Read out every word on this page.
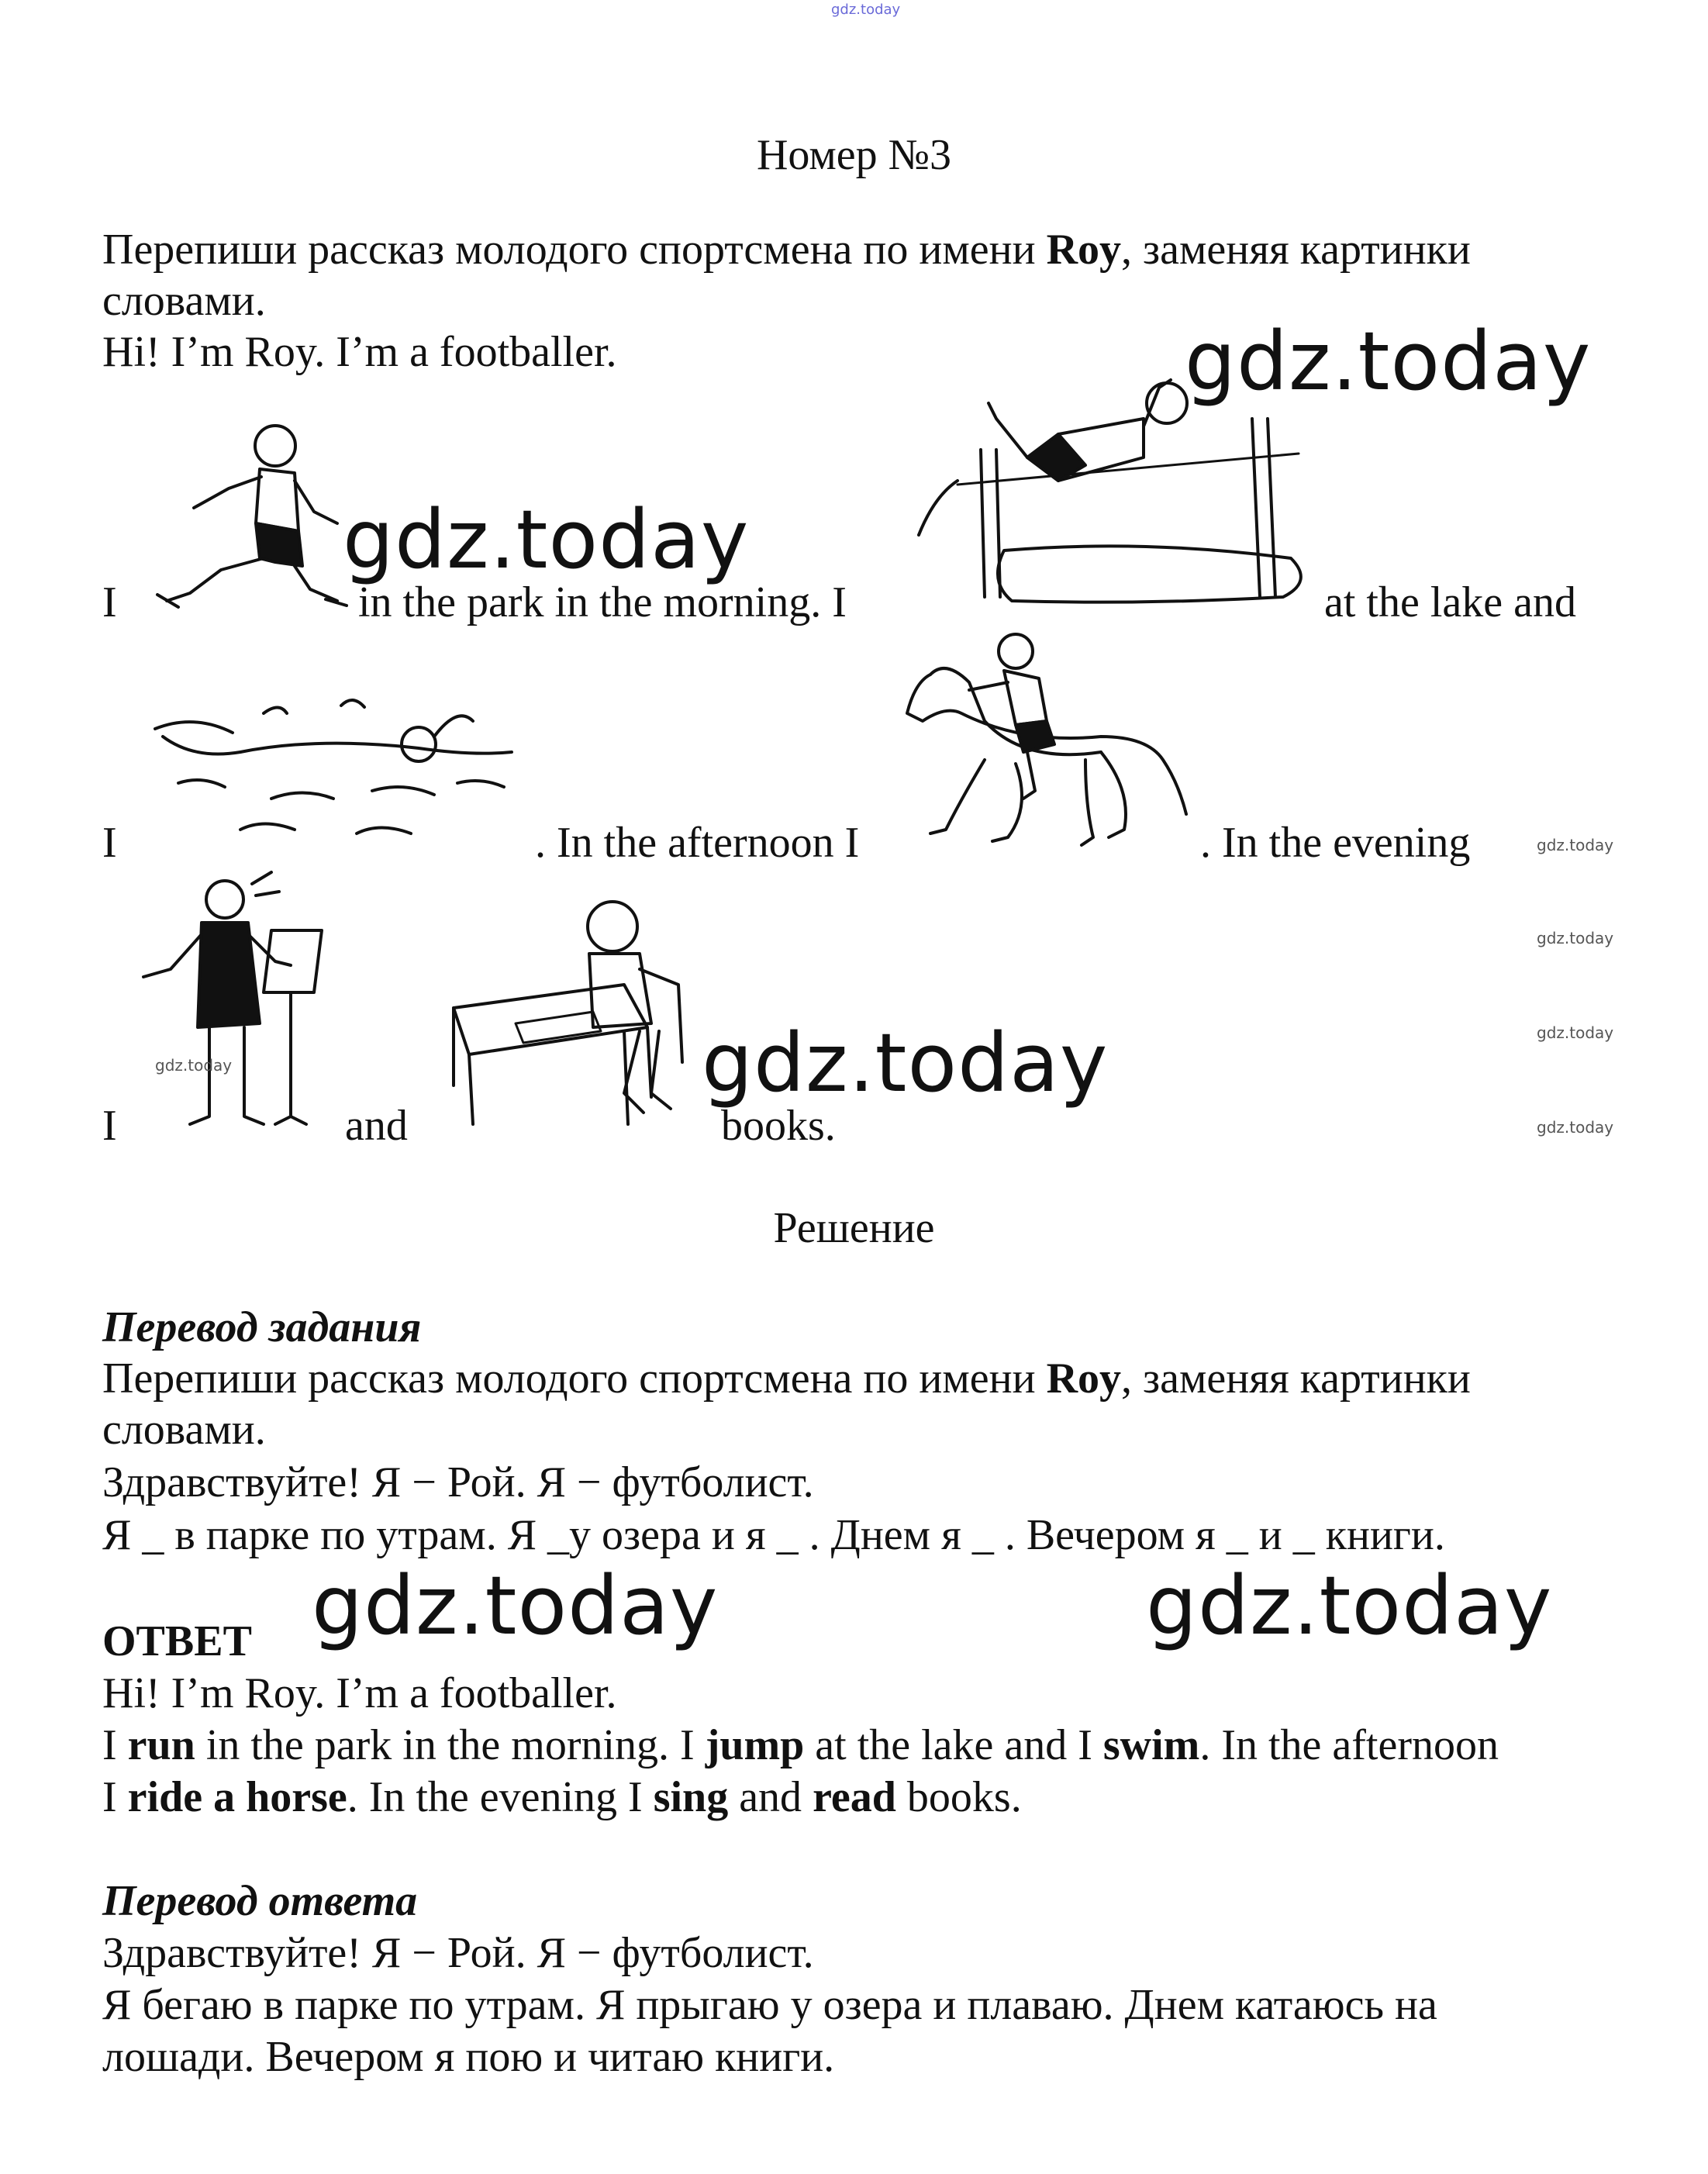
gdz.today
Номер №3
Перепиши рассказ молодого спортсмена по имени Roy, заменяя картинки
словами.
Hi! I’m Roy. I’m a footballer.
I	in the park in the morning. I	at the lake and
I	. In the afternoon I	. In the evening
I	and	books.
gdz.today
gdz.today
gdz.today
gdz.today
gdz.today
gdz.today
gdz.today
gdz.today
gdz.today	gdz.today
Решение
Перевод задания
Перепиши рассказ молодого спортсмена по имени Roy, заменяя картинки
словами.
Здравствуйте! Я − Рой. Я − футболист.
Я _ в парке по утрам. Я _у озера и я _ . Днем я _ . Вечером я _ и _ книги.
ОТВЕТ
Hi! I’m Roy. I’m a footballer.
I run in the park in the morning. I jump at the lake and I swim. In the afternoon
I ride a horse. In the evening I sing and read books.
Перевод ответа
Здравствуйте! Я − Рой. Я − футболист.
Я бегаю в парке по утрам. Я прыгаю у озера и плаваю. Днем катаюсь на
лошади. Вечером я пою и читаю книги.
